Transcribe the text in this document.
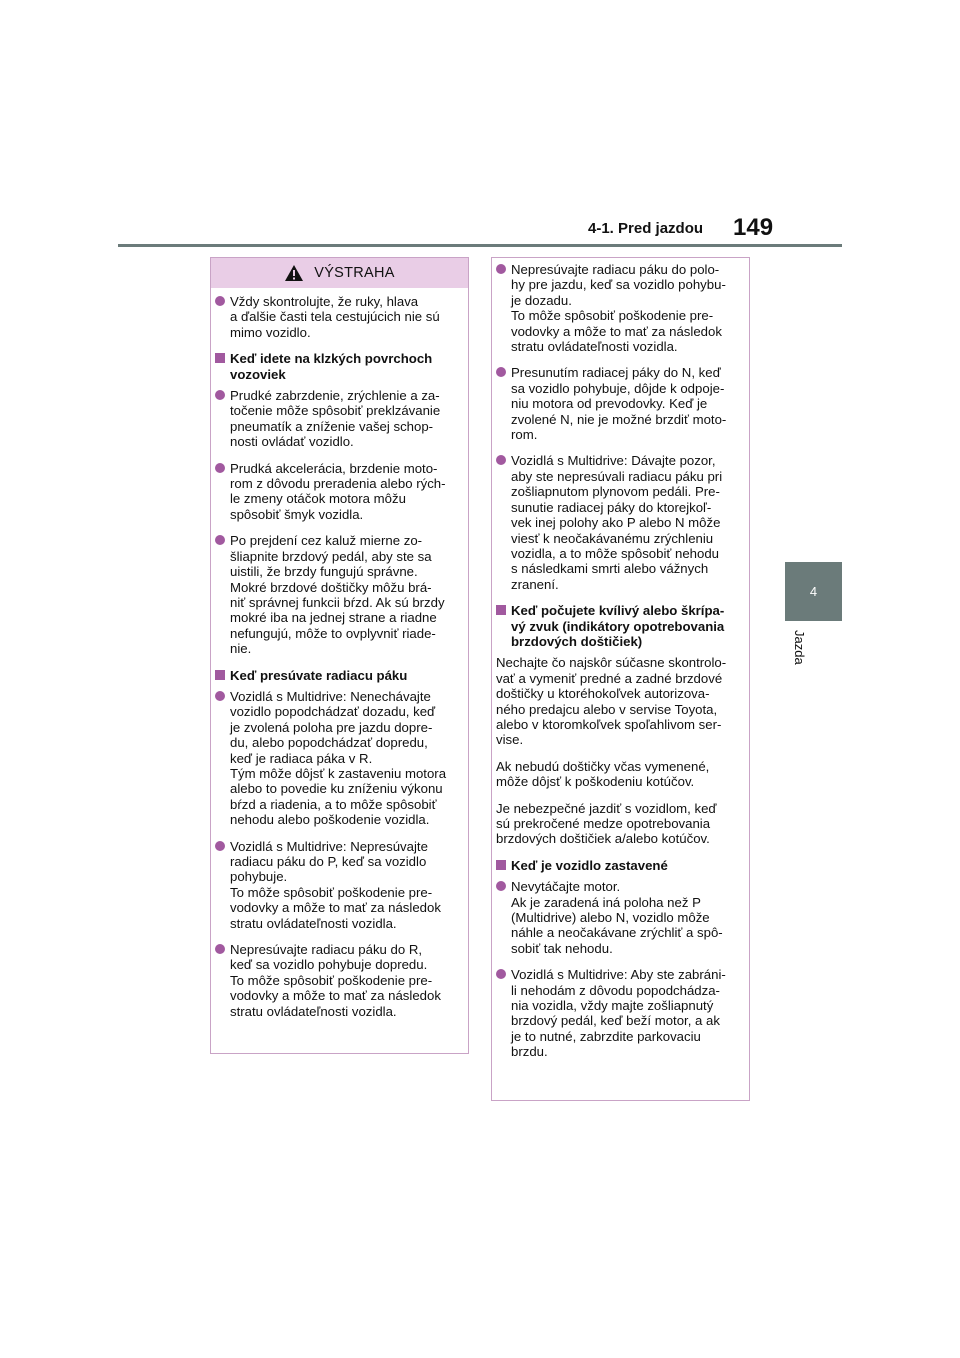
4-1. Pred jazdou 149
4
Jazda
VÝSTRAHA
Vždy skontrolujte, že ruky, hlava
a ďalšie časti tela cestujúcich nie sú
mimo vozidlo.
Keď idete na klzkých povrchoch
vozoviek
Prudké zabrzdenie, zrýchlenie a za-
točenie môže spôsobiť preklzávanie
pneumatík a zníženie vašej schop-
nosti ovládať vozidlo.
Prudká akcelerácia, brzdenie moto-
rom z dôvodu preradenia alebo rých-
le zmeny otáčok motora môžu
spôsobiť šmyk vozidla.
Po prejdení cez kaluž mierne zo-
šliapnite brzdový pedál, aby ste sa
uistili, že brzdy fungujú správne.
Mokré brzdové doštičky môžu brá-
niť správnej funkcii bŕzd. Ak sú brzdy
mokré iba na jednej strane a riadne
nefungujú, môže to ovplyvniť riade-
nie.
Keď presúvate radiacu páku
Vozidlá s Multidrive: Nenechávajte
vozidlo popodchádzať dozadu, keď
je zvolená poloha pre jazdu dopre-
du, alebo popodchádzať dopredu,
keď je radiaca páka v R.
Tým môže dôjsť k zastaveniu motora
alebo to povedie ku zníženiu výkonu
bŕzd a riadenia, a to môže spôsobiť
nehodu alebo poškodenie vozidla.
Vozidlá s Multidrive: Nepresúvajte
radiacu páku do P, keď sa vozidlo
pohybuje.
To môže spôsobiť poškodenie pre-
vodovky a môže to mať za následok
stratu ovládateľnosti vozidla.
Nepresúvajte radiacu páku do R,
keď sa vozidlo pohybuje dopredu.
To môže spôsobiť poškodenie pre-
vodovky a môže to mať za následok
stratu ovládateľnosti vozidla.
Nepresúvajte radiacu páku do polo-
hy pre jazdu, keď sa vozidlo pohybu-
je dozadu.
To môže spôsobiť poškodenie pre-
vodovky a môže to mať za následok
stratu ovládateľnosti vozidla.
Presunutím radiacej páky do N, keď
sa vozidlo pohybuje, dôjde k odpoje-
niu motora od prevodovky. Keď je
zvolené N, nie je možné brzdiť moto-
rom.
Vozidlá s Multidrive: Dávajte pozor,
aby ste nepresúvali radiacu páku pri
zošliapnutom plynovom pedáli. Pre-
sunutie radiacej páky do ktorejkoľ-
vek inej polohy ako P alebo N môže
viesť k neočakávanému zrýchleniu
vozidla, a to môže spôsobiť nehodu
s následkami smrti alebo vážnych
zranení.
Keď počujete kvílivý alebo škrípa-
vý zvuk (indikátory opotrebovania
brzdových doštičiek)
Nechajte čo najskôr súčasne skontrolo-
vať a vymeniť predné a zadné brzdové
doštičky u ktoréhokoľvek autorizova-
ného predajcu alebo v servise Toyota,
alebo v ktoromkoľvek spoľahlivom ser-
vise.
Ak nebudú doštičky včas vymenené,
môže dôjsť k poškodeniu kotúčov.
Je nebezpečné jazdiť s vozidlom, keď
sú prekročené medze opotrebovania
brzdových doštičiek a/alebo kotúčov.
Keď je vozidlo zastavené
Nevytáčajte motor.
Ak je zaradená iná poloha než P
(Multidrive) alebo N, vozidlo môže
náhle a neočakávane zrýchliť a spô-
sobiť tak nehodu.
Vozidlá s Multidrive: Aby ste zabráni-
li nehodám z dôvodu popodchádza-
nia vozidla, vždy majte zošliapnutý
brzdový pedál, keď beží motor, a ak
je to nutné, zabrzdite parkovaciu
brzdu.
